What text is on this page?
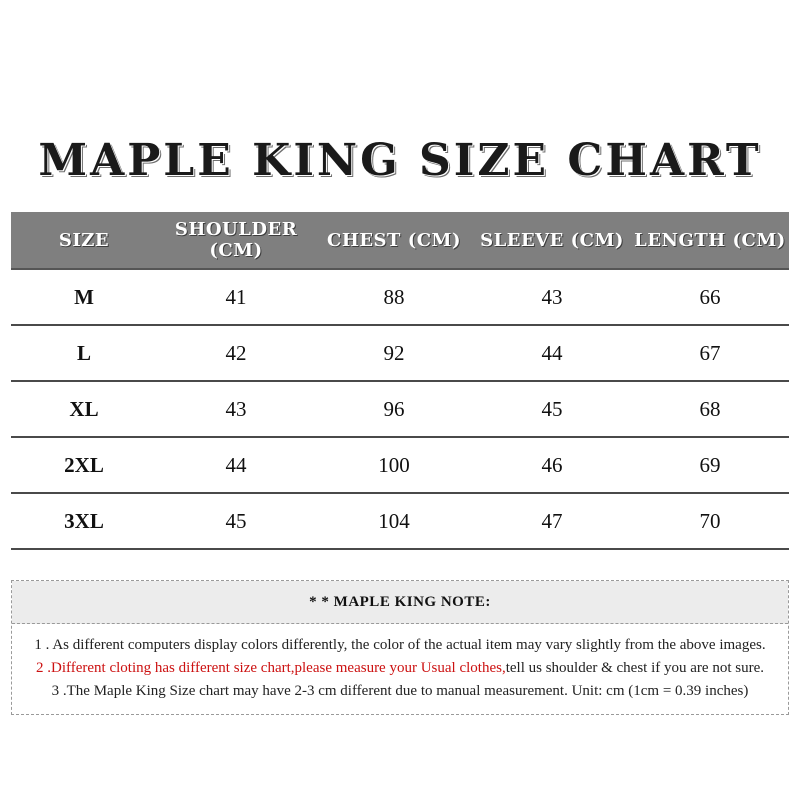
MAPLE KING SIZE CHART
SIZE	SHOULDER (CM)	CHEST (CM)	SLEEVE (CM)	LENGTH (CM)
M	41	88	43	66
L	42	92	44	67
XL	43	96	45	68
2XL	44	100	46	69
3XL	45	104	47	70
* * MAPLE KING NOTE:
1 . As different computers display colors differently, the color of the actual item may vary slightly from the above images.
2 .Different cloting has different size chart,please measure your Usual clothes,tell us shoulder & chest if you are not sure.
3 .The Maple King Size chart may have 2-3 cm different due to manual measurement. Unit: cm (1cm = 0.39 inches)
